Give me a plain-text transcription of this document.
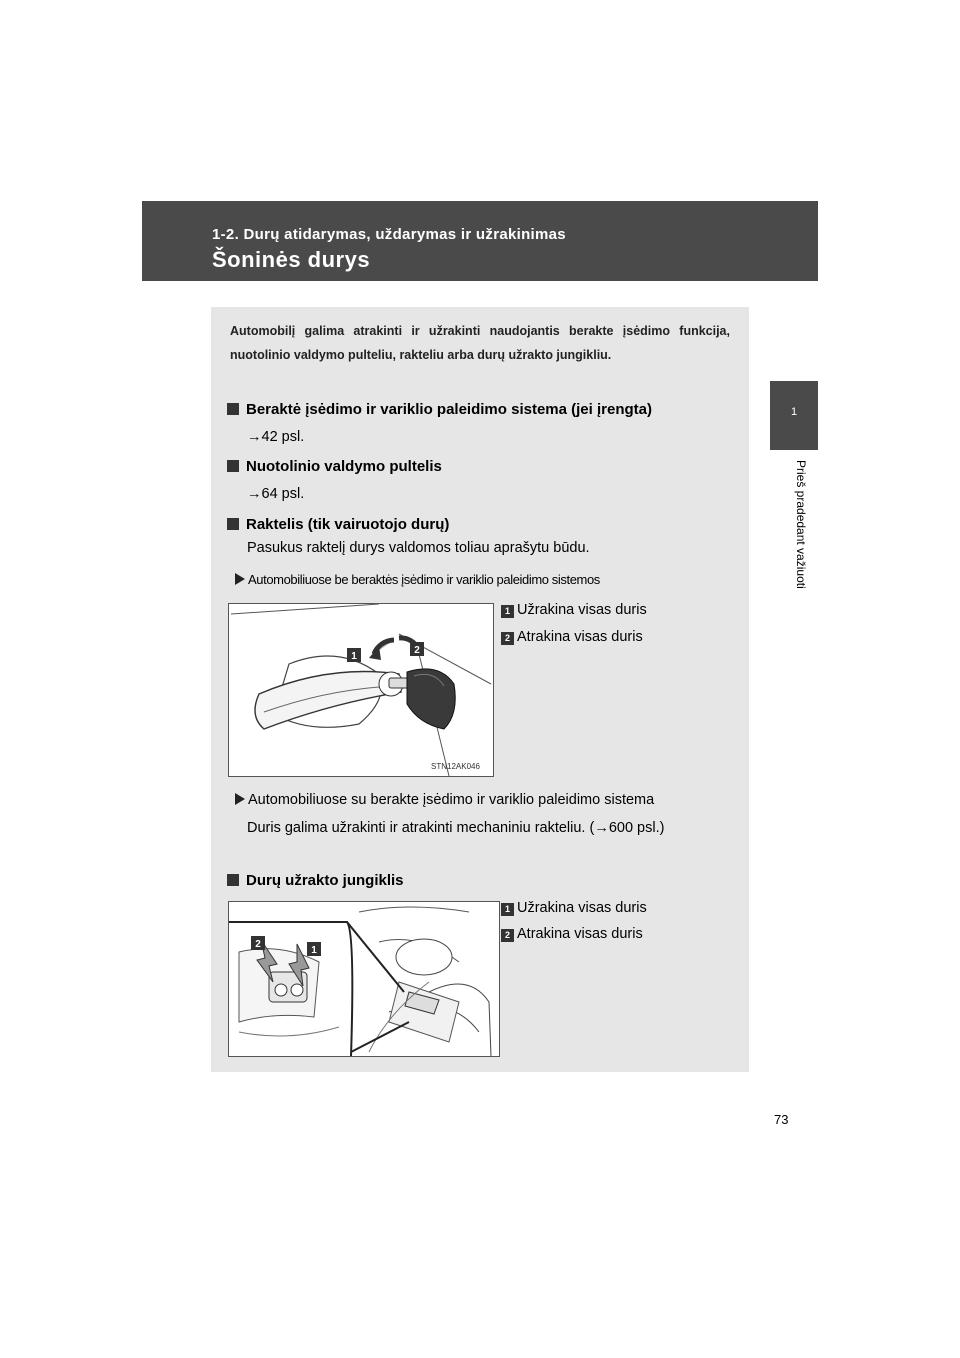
1-2. Durų atidarymas, uždarymas ir užrakinimas
Šoninės durys
1
Prieš pradedant važiuoti
Automobilį galima atrakinti ir užrakinti naudojantis berakte įsėdimo funkcija, nuotolinio valdymo pulteliu, rakteliu arba durų užrakto jungikliu.
Beraktė įsėdimo ir variklio paleidimo sistema (jei įrengta)
→42 psl.
Nuotolinio valdymo pultelis
→64 psl.
Raktelis (tik vairuotojo durų)
Pasukus raktelį durys valdomos toliau aprašytu būdu.
Automobiliuose be beraktės įsėdimo ir variklio paleidimo sistemos
1
2
STN12AK046
1 Užrakina visas duris
2 Atrakina visas duris
Automobiliuose su berakte įsėdimo ir variklio paleidimo sistema
Duris galima užrakinti ir atrakinti mechaniniu rakteliu. (→600 psl.)
Durų užrakto jungiklis
2
1
1 Užrakina visas duris
2 Atrakina visas duris
73
